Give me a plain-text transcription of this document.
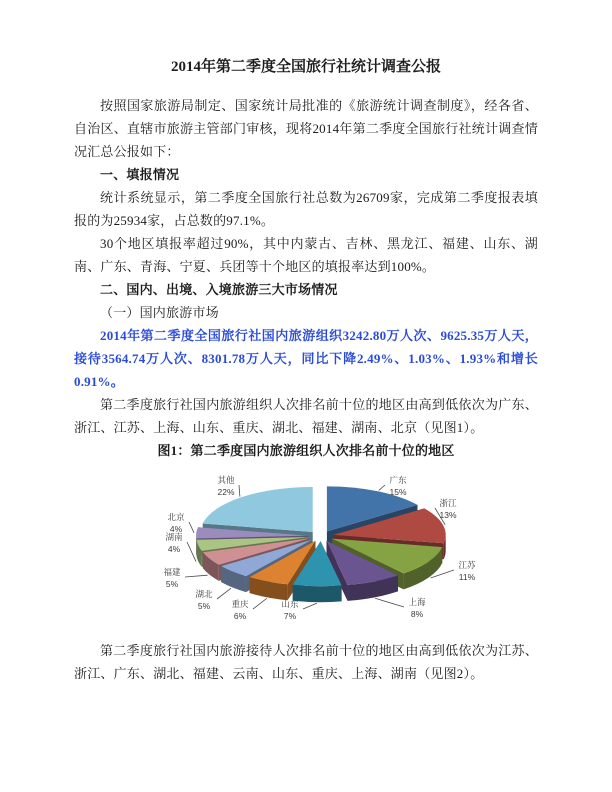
2014年第二季度全国旅行社统计调查公报

按照国家旅游局制定、国家统计局批准的《旅游统计调查制度》，经各省、自治区、直辖市旅游主管部门审核，现将2014年第二季度全国旅行社统计调查情况汇总公报如下：

一、填报情况

统计系统显示，第二季度全国旅行社总数为26709家，完成第二季度报表填报的为25934家，占总数的97.1%。

30个地区填报率超过90%，其中内蒙古、吉林、黑龙江、福建、山东、湖南、广东、青海、宁夏、兵团等十个地区的填报率达到100%。

二、国内、出境、入境旅游三大市场情况

（一）国内旅游市场

2014年第二季度全国旅行社国内旅游组织3242.80万人次、9625.35万人天，接待3564.74万人次、8301.78万人天，同比下降2.49%、1.03%、1.93%和增长0.91%。

第二季度旅行社国内旅游组织人次排名前十位的地区由高到低依次为广东、浙江、江苏、上海、山东、重庆、湖北、福建、湖南、北京（见图1）。

图1：第二季度国内旅游组织人次排名前十位的地区

广东
15%
浙江
13%
江苏
11%
上海
8%
山东
7%
重庆
6%
湖北
5%
福建
5%
湖南
4%
北京
4%
其他
22%

第二季度旅行社国内旅游接待人次排名前十位的地区由高到低依次为江苏、浙江、广东、湖北、福建、云南、山东、重庆、上海、湖南（见图2）。
